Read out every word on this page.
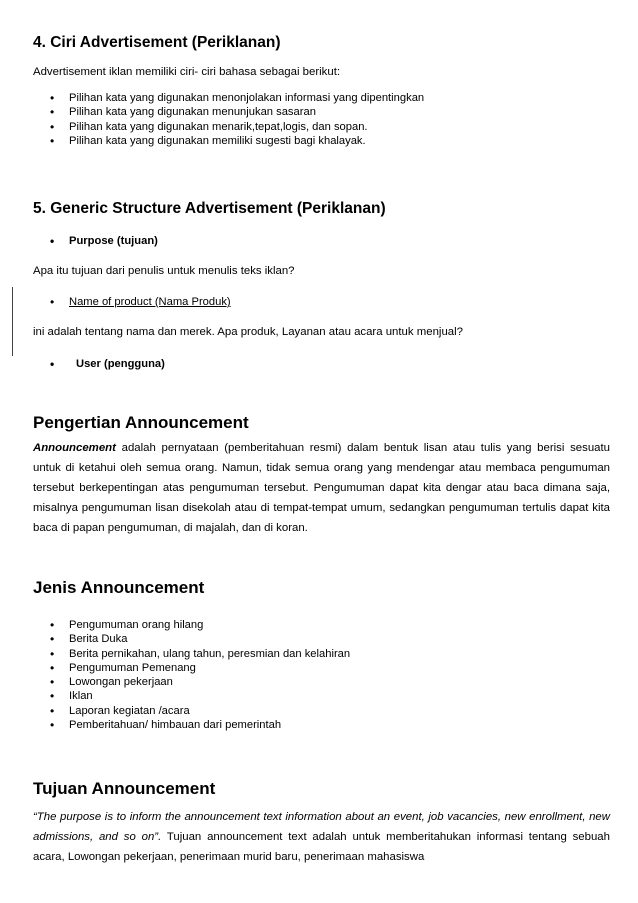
4. Ciri Advertisement (Periklanan)

Advertisement iklan memiliki ciri- ciri bahasa sebagai berikut:

• Pilihan kata yang digunakan menonjolakan informasi yang dipentingkan
• Pilihan kata yang digunakan menunjukan sasaran
• Pilihan kata yang digunakan menarik,tepat,logis, dan sopan.
• Pilihan kata yang digunakan memiliki sugesti bagi khalayak.
5. Generic Structure Advertisement (Periklanan)
• Purpose (tujuan)

Apa itu tujuan dari penulis untuk menulis teks iklan?

• Name of product (Nama Produk)

ini adalah tentang nama dan merek. Apa produk, Layanan atau acara untuk menjual?

• User (pengguna)
Pengertian Announcement

Announcement adalah pernyataan (pemberitahuan resmi) dalam bentuk lisan atau tulis yang berisi sesuatu untuk di ketahui oleh semua orang. Namun, tidak semua orang yang mendengar atau membaca pengumuman tersebut berkepentingan atas pengumuman tersebut. Pengumuman dapat kita dengar atau baca dimana saja, misalnya pengumuman lisan disekolah atau di tempat-tempat umum, sedangkan pengumuman tertulis dapat kita baca di papan pengumuman, di majalah, dan di koran.

Jenis Announcement
• Pengumuman orang hilang
• Berita Duka
• Berita pernikahan, ulang tahun, peresmian dan kelahiran
• Pengumuman Pemenang
• Lowongan pekerjaan
• Iklan
• Laporan kegiatan /acara
• Pemberitahuan/ himbauan dari pemerintah
Tujuan Announcement

“The purpose is to inform the announcement text information about an event, job vacancies, new enrollment, new admissions, and so on”. Tujuan announcement text adalah untuk memberitahukan informasi tentang sebuah acara, Lowongan pekerjaan, penerimaan murid baru, penerimaan mahasiswa
